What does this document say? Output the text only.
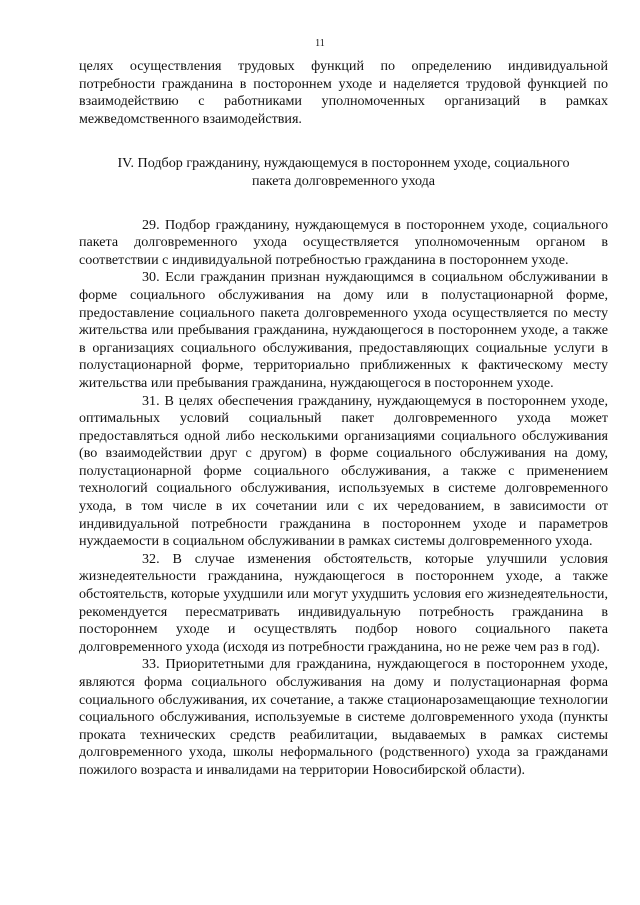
11

целях осуществления трудовых функций по определению индивидуальной потребности гражданина в постороннем уходе и наделяется трудовой функцией по взаимодействию с работниками уполномоченных организаций в рамках межведомственного взаимодействия.

IV. Подбор гражданину, нуждающемуся в постороннем уходе, социального
пакета долговременного ухода

29. Подбор гражданину, нуждающемуся в постороннем уходе, социального пакета долговременного ухода осуществляется уполномоченным органом в соответствии с индивидуальной потребностью гражданина в постороннем уходе.

30. Если гражданин признан нуждающимся в социальном обслуживании в форме социального обслуживания на дому или в полустационарной форме, предоставление социального пакета долговременного ухода осуществляется по месту жительства или пребывания гражданина, нуждающегося в постороннем уходе, а также в организациях социального обслуживания, предоставляющих социальные услуги в полустационарной форме, территориально приближенных к фактическому месту жительства или пребывания гражданина, нуждающегося в постороннем уходе.

31. В целях обеспечения гражданину, нуждающемуся в постороннем уходе, оптимальных условий социальный пакет долговременного ухода может предоставляться одной либо несколькими организациями социального обслуживания (во взаимодействии друг с другом) в форме социального обслуживания на дому, полустационарной форме социального обслуживания, а также с применением технологий социального обслуживания, используемых в системе долговременного ухода, в том числе в их сочетании или с их чередованием, в зависимости от индивидуальной потребности гражданина в постороннем уходе и параметров нуждаемости в социальном обслуживании в рамках системы долговременного ухода.

32. В случае изменения обстоятельств, которые улучшили условия жизнедеятельности гражданина, нуждающегося в постороннем уходе, а также обстоятельств, которые ухудшили или могут ухудшить условия его жизнедеятельности, рекомендуется пересматривать индивидуальную потребность гражданина в постороннем уходе и осуществлять подбор нового социального пакета долговременного ухода (исходя из потребности гражданина, но не реже чем раз в год).

33. Приоритетными для гражданина, нуждающегося в постороннем уходе, являются форма социального обслуживания на дому и полустационарная форма социального обслуживания, их сочетание, а также стационарозамещающие технологии социального обслуживания, используемые в системе долговременного ухода (пункты проката технических средств реабилитации, выдаваемых в рамках системы долговременного ухода, школы неформального (родственного) ухода за гражданами пожилого возраста и инвалидами на территории Новосибирской области).
